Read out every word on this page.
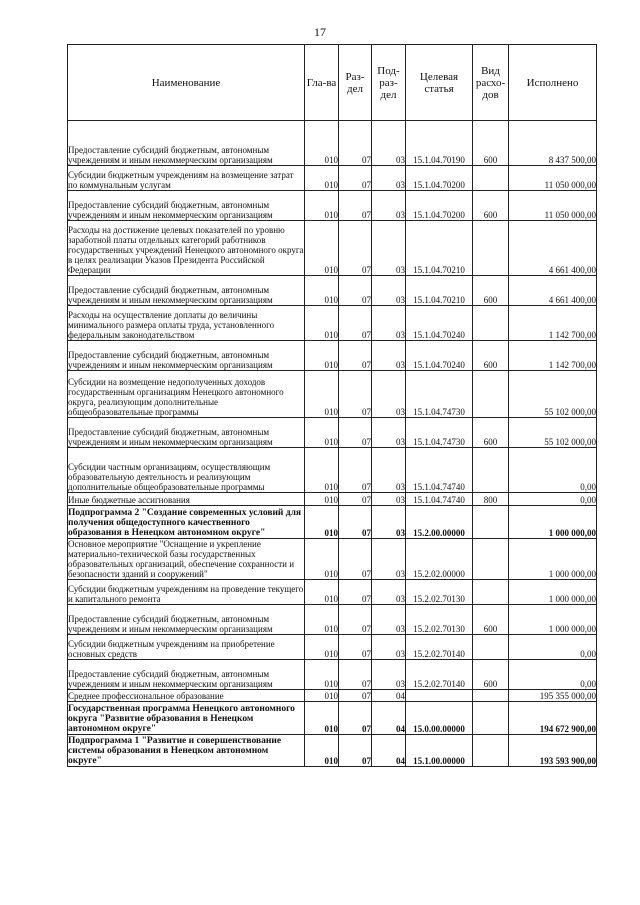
17
Наименование	Гла-ва	Раз-дел	Под-раз-дел	Целевая статья	Вид расхо-дов	Исполнено
Предоставление субсидий бюджетным, автономным учреждениям и иным некоммерческим организациям	010	07	03	15.1.04.70190	600	8 437 500,00
Субсидии бюджетным учреждениям на возмещение затрат по коммунальным услугам	010	07	03	15.1.04.70200		11 050 000,00
Предоставление субсидий бюджетным, автономным учреждениям и иным некоммерческим организациям	010	07	03	15.1.04.70200	600	11 050 000,00
Расходы на достижение целевых показателей по уровню заработной платы отдельных категорий работников государственных учреждений Ненецкого автономного округа в целях реализации Указов Президента Российской Федерации	010	07	03	15.1.04.70210		4 661 400,00
Предоставление субсидий бюджетным, автономным учреждениям и иным некоммерческим организациям	010	07	03	15.1.04.70210	600	4 661 400,00
Расходы на осуществление доплаты до величины минимального размера оплаты труда, установленного федеральным законодательством	010	07	03	15.1.04.70240		1 142 700,00
Предоставление субсидий бюджетным, автономным учреждениям и иным некоммерческим организациям	010	07	03	15.1.04.70240	600	1 142 700,00
Субсидии на возмещение недополученных доходов государственным организациям Ненецкого автономного округа, реализующим дополнительные общеобразовательные программы	010	07	03	15.1.04.74730		55 102 000,00
Предоставление субсидий бюджетным, автономным учреждениям и иным некоммерческим организациям	010	07	03	15.1.04.74730	600	55 102 000,00
Субсидии частным организациям, осуществляющим образовательную деятельность и реализующим дополнительные общеобразовательные программы	010	07	03	15.1.04.74740		0,00
Иные бюджетные ассигнования	010	07	03	15.1.04.74740	800	0,00
Подпрограмма 2 "Создание современных условий для получения общедоступного качественного образования в Ненецком автономном округе"	010	07	03	15.2.00.00000		1 000 000,00
Основное мероприятие "Оснащение и укрепление материально-технической базы государственных образовательных организаций, обеспечение сохранности и безопасности зданий и сооружений"	010	07	03	15.2.02.00000		1 000 000,00
Субсидии бюджетным учреждениям на проведение текущего и капитального ремонта	010	07	03	15.2.02.70130		1 000 000,00
Предоставление субсидий бюджетным, автономным учреждениям и иным некоммерческим организациям	010	07	03	15.2.02.70130	600	1 000 000,00
Субсидии бюджетным учреждениям на приобретение основных средств	010	07	03	15.2.02.70140		0,00
Предоставление субсидий бюджетным, автономным учреждениям и иным некоммерческим организациям	010	07	03	15.2.02.70140	600	0,00
Среднее профессиональное образование	010	07	04			195 355 000,00
Государственная программа Ненецкого автономного округа "Развитие образования в Ненецком автономном округе"	010	07	04	15.0.00.00000		194 672 900,00
Подпрограмма 1 "Развитие и совершенствование системы образования в Ненецком автономном округе"	010	07	04	15.1.00.00000		193 593 900,00
